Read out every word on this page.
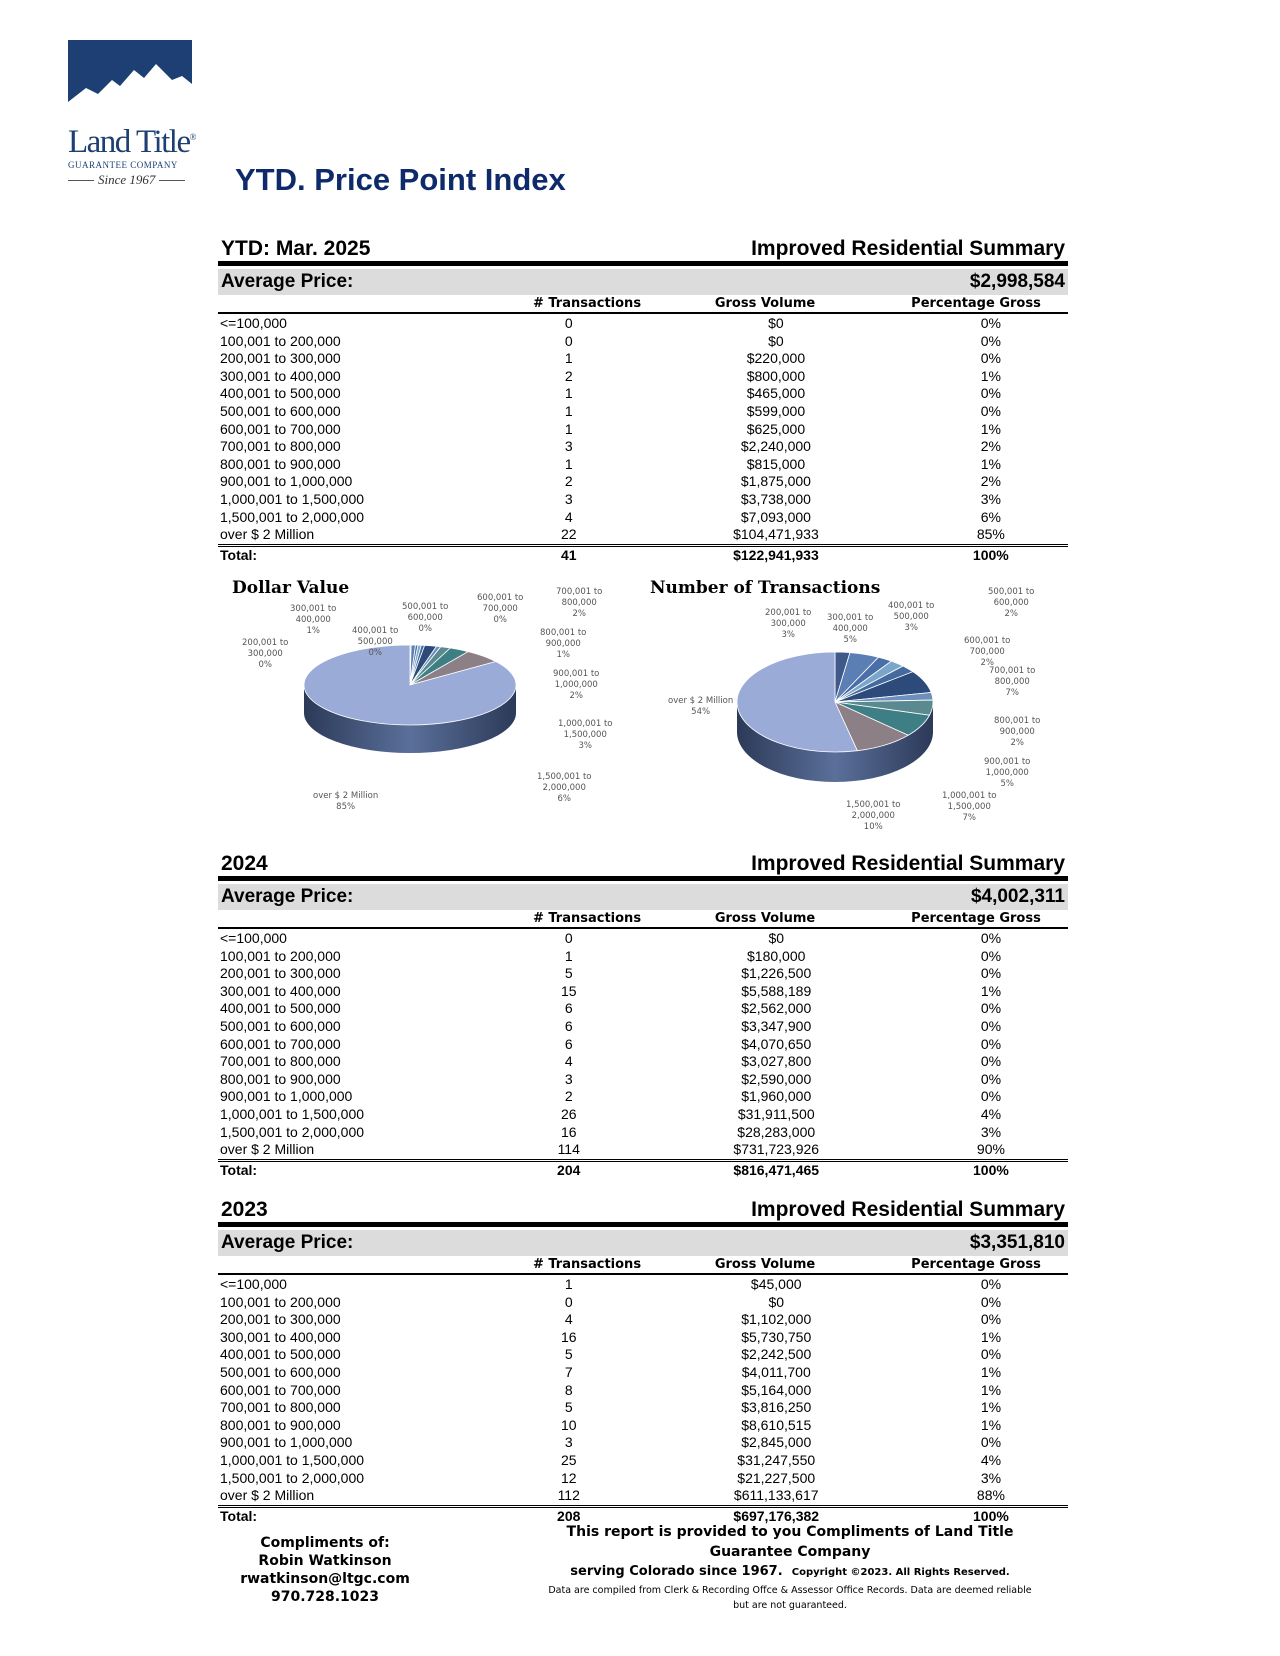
Land Title®
GUARANTEE COMPANY
Since 1967	YTD. Price Point Index
YTD: Mar. 2025	Improved Residential Summary
Average Price:	$2,998,584
# Transactions	Gross Volume	Percentage Gross
<=100,000	0	$0	0%
100,001 to 200,000	0	$0	0%
200,001 to 300,000	1	$220,000	0%
300,001 to 400,000	2	$800,000	1%
400,001 to 500,000	1	$465,000	0%
500,001 to 600,000	1	$599,000	0%
600,001 to 700,000	1	$625,000	1%
700,001 to 800,000	3	$2,240,000	2%
800,001 to 900,000	1	$815,000	1%
900,001 to 1,000,000	2	$1,875,000	2%
1,000,001 to 1,500,000	3	$3,738,000	3%
1,500,001 to 2,000,000	4	$7,093,000	6%
over $ 2 Million	22	$104,471,933	85%
Total:	41	$122,941,933	100%
Dollar Value	Number of Transactions
200,001 to
300,000
0%
300,001 to
400,000
1%	400,001 to
500,000
0%
500,001 to
600,000
0%
600,001 to
700,000
0%
700,001 to
800,000
2%
800,001 to
900,000
1%
900,001 to
1,000,000
2%
1,000,001 to
1,500,000
3%
1,500,001 to
2,000,000
6%
over $ 2 Million
85%
200,001 to
300,000
3%
300,001 to
400,000
5%
400,001 to
500,000
3%
500,001 to
600,000
2%
600,001 to
700,000
2%
700,001 to
800,000
7%
800,001 to
900,000
2%
900,001 to
1,000,000
5%
1,000,001 to
1,500,000
7%
1,500,001 to
2,000,000
10%
over $ 2 Million
54%
2024	Improved Residential Summary
Average Price:	$4,002,311
# Transactions	Gross Volume	Percentage Gross
<=100,000	0	$0	0%
100,001 to 200,000	1	$180,000	0%
200,001 to 300,000	5	$1,226,500	0%
300,001 to 400,000	15	$5,588,189	1%
400,001 to 500,000	6	$2,562,000	0%
500,001 to 600,000	6	$3,347,900	0%
600,001 to 700,000	6	$4,070,650	0%
700,001 to 800,000	4	$3,027,800	0%
800,001 to 900,000	3	$2,590,000	0%
900,001 to 1,000,000	2	$1,960,000	0%
1,000,001 to 1,500,000	26	$31,911,500	4%
1,500,001 to 2,000,000	16	$28,283,000	3%
over $ 2 Million	114	$731,723,926	90%
Total:	204	$816,471,465	100%
2023	Improved Residential Summary
Average Price:	$3,351,810
# Transactions	Gross Volume	Percentage Gross
<=100,000	1	$45,000	0%
100,001 to 200,000	0	$0	0%
200,001 to 300,000	4	$1,102,000	0%
300,001 to 400,000	16	$5,730,750	1%
400,001 to 500,000	5	$2,242,500	0%
500,001 to 600,000	7	$4,011,700	1%
600,001 to 700,000	8	$5,164,000	1%
700,001 to 800,000	5	$3,816,250	1%
800,001 to 900,000	10	$8,610,515	1%
900,001 to 1,000,000	3	$2,845,000	0%
1,000,001 to 1,500,000	25	$31,247,550	4%
1,500,001 to 2,000,000	12	$21,227,500	3%
over $ 2 Million	112	$611,133,617	88%
Total:	208	$697,176,382	100%
Compliments of:
Robin Watkinson
rwatkinson@ltgc.com
970.728.1023
This report is provided to you Compliments of Land Title Guarantee Company
serving Colorado since 1967. Copyright ©2023. All Rights Reserved.
Data are compiled from Clerk & Recording Offce & Assessor Office Records. Data are deemed reliable but are not guaranteed.
